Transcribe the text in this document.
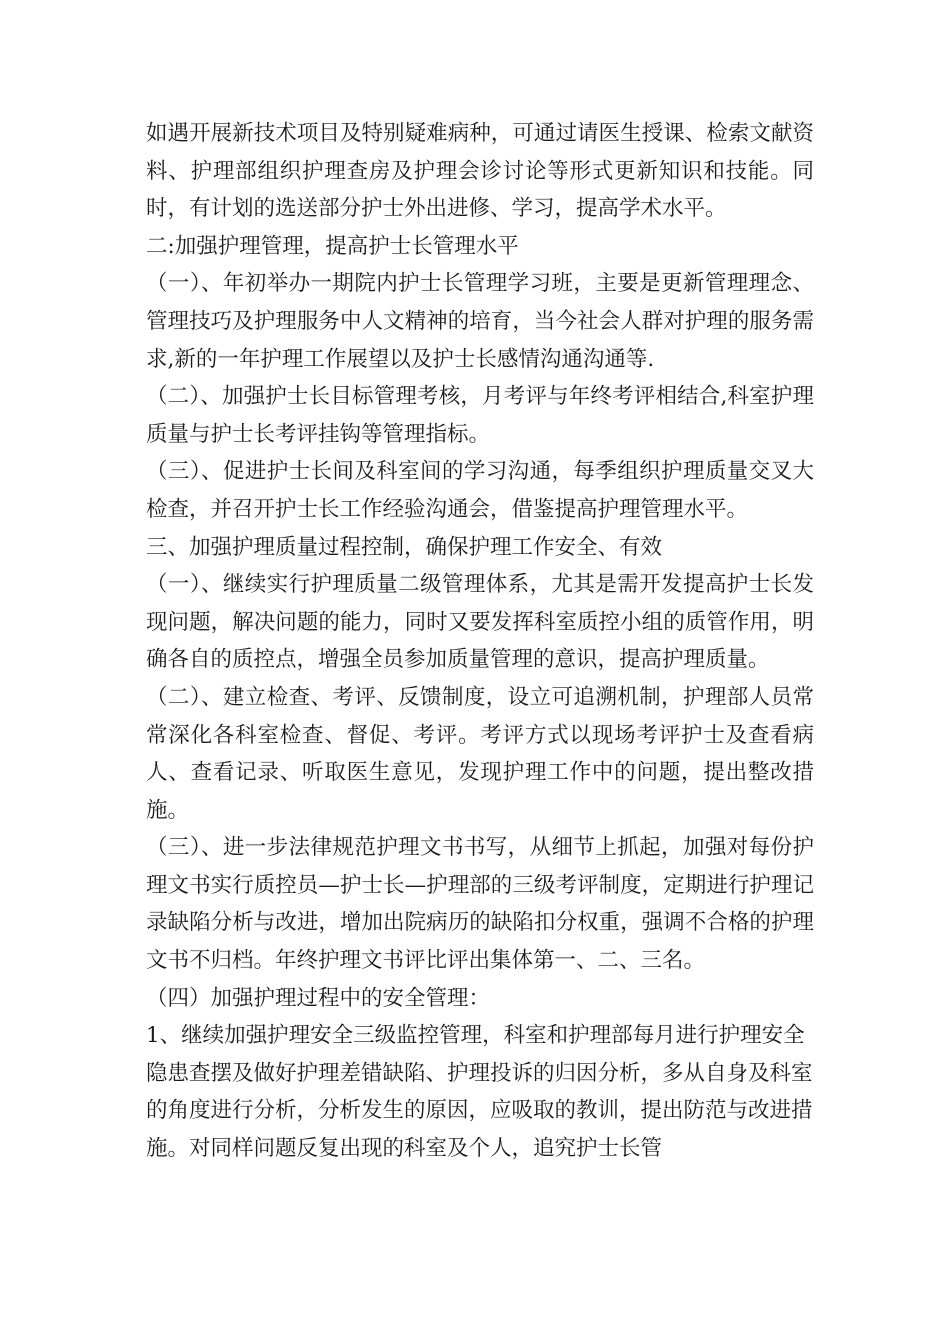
如遇开展新技术项目及特别疑难病种，可通过请医生授课、检索文献资料、护理部组织护理查房及护理会诊讨论等形式更新知识和技能。同时，有计划的选送部分护士外出进修、学习，提高学术水平。

二:加强护理管理，提高护士长管理水平

（一）、年初举办一期院内护士长管理学习班，主要是更新管理理念、管理技巧及护理服务中人文精神的培育，当今社会人群对护理的服务需求,新的一年护理工作展望以及护士长感情沟通沟通等.

（二）、加强护士长目标管理考核，月考评与年终考评相结合,科室护理质量与护士长考评挂钩等管理指标。

（三）、促进护士长间及科室间的学习沟通，每季组织护理质量交叉大检查，并召开护士长工作经验沟通会，借鉴提高护理管理水平。

三、加强护理质量过程控制，确保护理工作安全、有效

（一）、继续实行护理质量二级管理体系，尤其是需开发提高护士长发现问题，解决问题的能力，同时又要发挥科室质控小组的质管作用，明确各自的质控点，增强全员参加质量管理的意识，提高护理质量。

（二）、建立检查、考评、反馈制度，设立可追溯机制，护理部人员常常深化各科室检查、督促、考评。考评方式以现场考评护士及查看病人、查看记录、听取医生意见，发现护理工作中的问题，提出整改措施。

（三）、进一步法律规范护理文书书写，从细节上抓起，加强对每份护理文书实行质控员—护士长—护理部的三级考评制度，定期进行护理记录缺陷分析与改进，增加出院病历的缺陷扣分权重，强调不合格的护理文书不归档。年终护理文书评比评出集体第一、二、三名。

（四）加强护理过程中的安全管理：

1、继续加强护理安全三级监控管理，科室和护理部每月进行护理安全隐患查摆及做好护理差错缺陷、护理投诉的归因分析，多从自身及科室的角度进行分析，分析发生的原因，应吸取的教训，提出防范与改进措施。对同样问题反复出现的科室及个人，追究护士长管
